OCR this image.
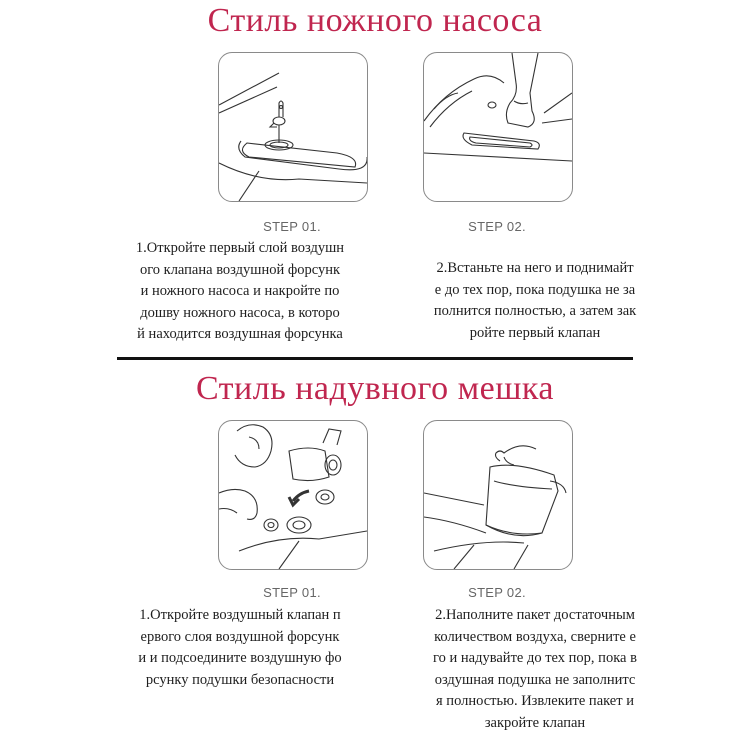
Стиль ножного насоса
STEP 01.	STEP 02.
1.Откройте первый слой воздушн
ого клапана воздушной форсунк
и ножного насоса и накройте по
дошву ножного насоса, в которо
й находится воздушная форсунка
2.Встаньте на него и поднимайт
е до тех пор, пока подушка не за
полнится полностью, а затем зак
ройте первый клапан
Стиль надувного мешка
STEP 01.	STEP 02.
1.Откройте воздушный клапан п
ервого слоя воздушной форсунк
и и подсоедините воздушную фо
рсунку подушки безопасности
2.Наполните пакет достаточным
количеством воздуха, сверните е
го и надувайте до тех пор, пока в
оздушная подушка не заполнитс
я полностью. Извлеките пакет и
закройте клапан
